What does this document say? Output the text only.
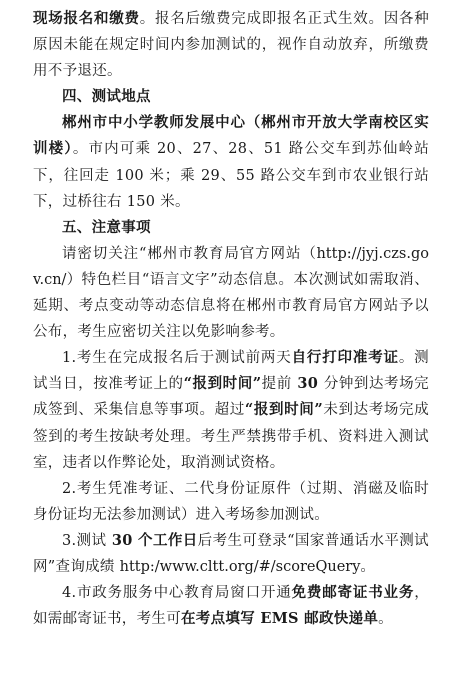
现场报名和缴费。报名后缴费完成即报名正式生效。因各种原因未能在规定时间内参加测试的，视作自动放弃，所缴费用不予退还。

四、测试地点

郴州市中小学教师发展中心（郴州市开放大学南校区实训楼）。市内可乘 20、27、28、51 路公交车到苏仙岭站下，往回走 100 米；乘 29、55 路公交车到市农业银行站下，过桥往右 150 米。

五、注意事项

请密切关注“郴州市教育局官方网站（http://jyj.czs.gov.cn/）特色栏目“语言文字”动态信息。本次测试如需取消、延期、考点变动等动态信息将在郴州市教育局官方网站予以公布，考生应密切关注以免影响参考。

1.考生在完成报名后于测试前两天自行打印准考证。测试当日，按准考证上的“报到时间”提前 30 分钟到达考场完成签到、采集信息等事项。超过“报到时间”未到达考场完成签到的考生按缺考处理。考生严禁携带手机、资料进入测试室，违者以作弊论处，取消测试资格。

2.考生凭准考证、二代身份证原件（过期、消磁及临时身份证均无法参加测试）进入考场参加测试。

3.测试 30 个工作日后考生可登录“国家普通话水平测试网”查询成绩 http:/www.cltt.org/#/scoreQuery。

4.市政务服务中心教育局窗口开通免费邮寄证书业务，如需邮寄证书，考生可在考点填写 EMS 邮政快递单。
